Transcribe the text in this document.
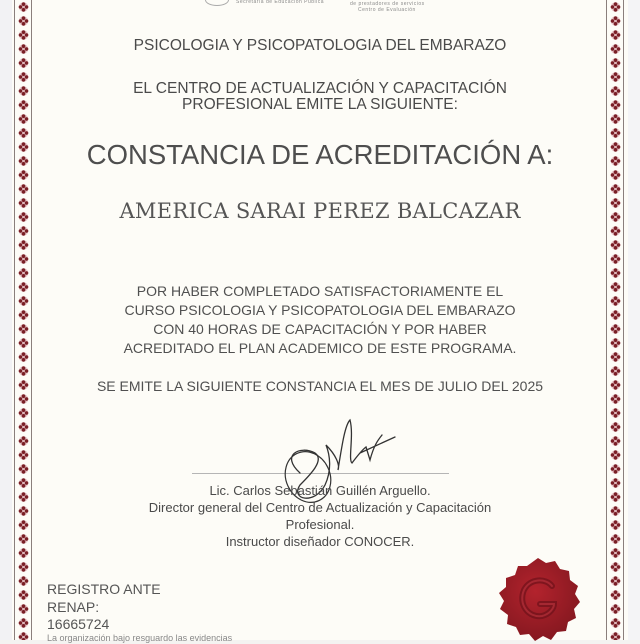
Secretaría de Educación Pública	de prestadores de servicios
Centro de Evaluación
PSICOLOGIA Y PSICOPATOLOGIA DEL EMBARAZO
EL CENTRO DE ACTUALIZACIÓN Y CAPACITACIÓN
PROFESIONAL EMITE LA SIGUIENTE:
CONSTANCIA DE ACREDITACIÓN A:
AMERICA SARAI PEREZ BALCAZAR
POR HABER COMPLETADO SATISFACTORIAMENTE EL
CURSO PSICOLOGIA Y PSICOPATOLOGIA DEL EMBARAZO
CON 40 HORAS DE CAPACITACIÓN Y POR HABER
ACREDITADO EL PLAN ACADEMICO DE ESTE PROGRAMA.
SE EMITE LA SIGUIENTE CONSTANCIA EL MES DE JULIO DEL 2025
Lic. Carlos Sebastián Guillén Arguello.
Director general del Centro de Actualización y Capacitación
Profesional.
Instructor diseñador CONOCER.
REGISTRO ANTE
RENAP:
16665724
La organización bajo resguardo las evidencias
